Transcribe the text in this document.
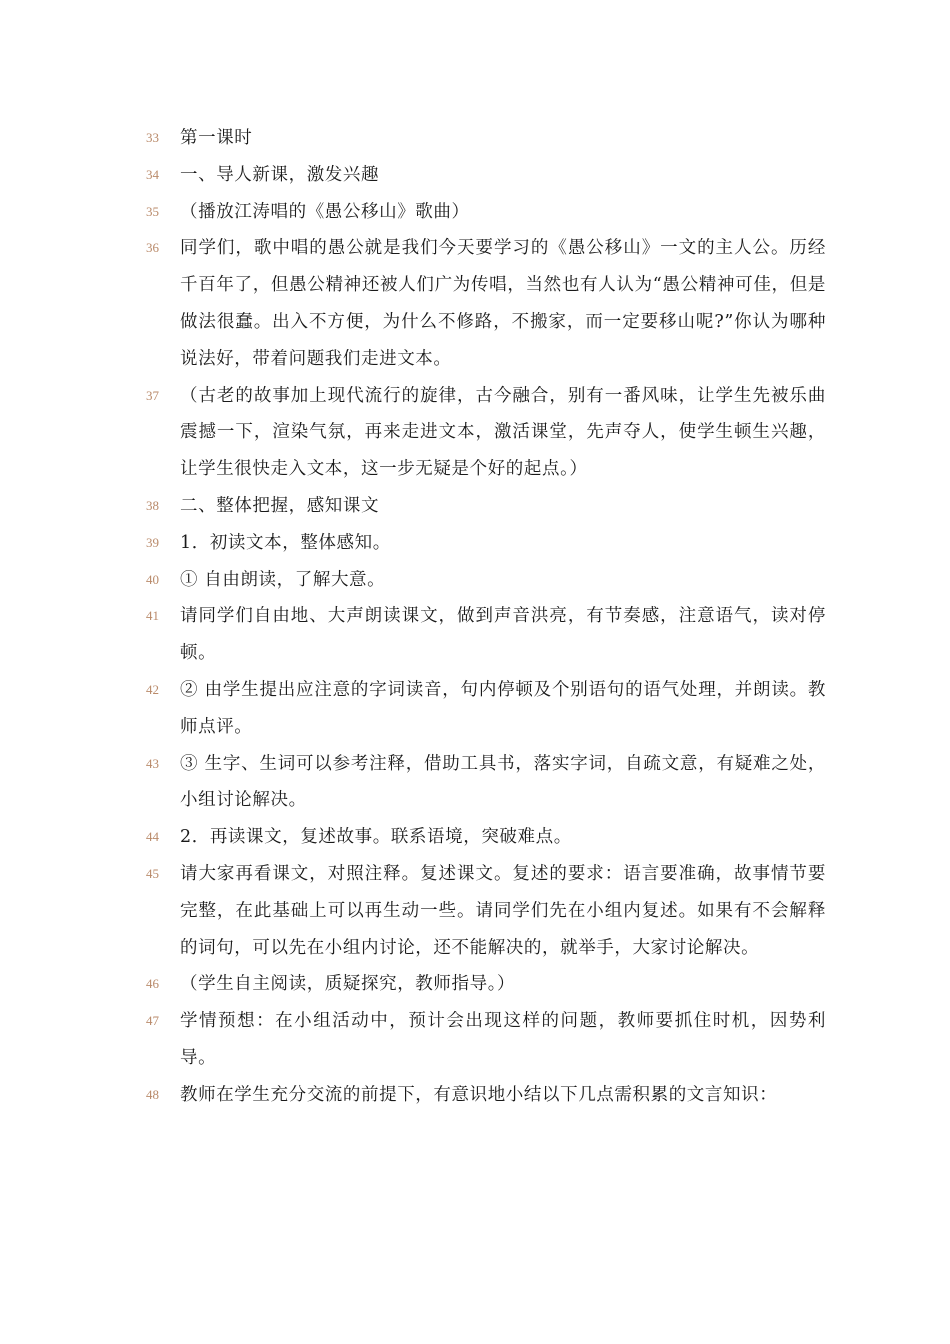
33	第一课时
34	一、导人新课，激发兴趣
35	（播放江涛唱的《愚公移山》歌曲）
36	同学们，歌中唱的愚公就是我们今天要学习的《愚公移山》一文的主人公。历经千百年了，但愚公精神还被人们广为传唱，当然也有人认为“愚公精神可佳，但是做法很蠢。出入不方便，为什么不修路，不搬家，而一定要移山呢?”你认为哪种说法好，带着问题我们走进文本。
37	（古老的故事加上现代流行的旋律，古今融合，别有一番风味，让学生先被乐曲震撼一下，渲染气氛，再来走进文本，激活课堂，先声夺人，使学生顿生兴趣，让学生很快走入文本，这一步无疑是个好的起点。）
38	二、整体把握，感知课文
39	1．初读文本，整体感知。
40	① 自由朗读，了解大意。
41	请同学们自由地、大声朗读课文，做到声音洪亮，有节奏感，注意语气，读对停顿。
42	② 由学生提出应注意的字词读音，句内停顿及个别语句的语气处理，并朗读。教师点评。
43	③ 生字、生词可以参考注释，借助工具书，落实字词，自疏文意，有疑难之处，小组讨论解决。
44	2．再读课文，复述故事。联系语境，突破难点。
45	请大家再看课文，对照注释。复述课文。复述的要求：语言要准确，故事情节要完整，在此基础上可以再生动一些。请同学们先在小组内复述。如果有不会解释的词句，可以先在小组内讨论，还不能解决的，就举手，大家讨论解决。
46	（学生自主阅读，质疑探究，教师指导。）
47	学情预想：在小组活动中，预计会出现这样的问题，教师要抓住时机，因势利导。
48	教师在学生充分交流的前提下，有意识地小结以下几点需积累的文言知识：
